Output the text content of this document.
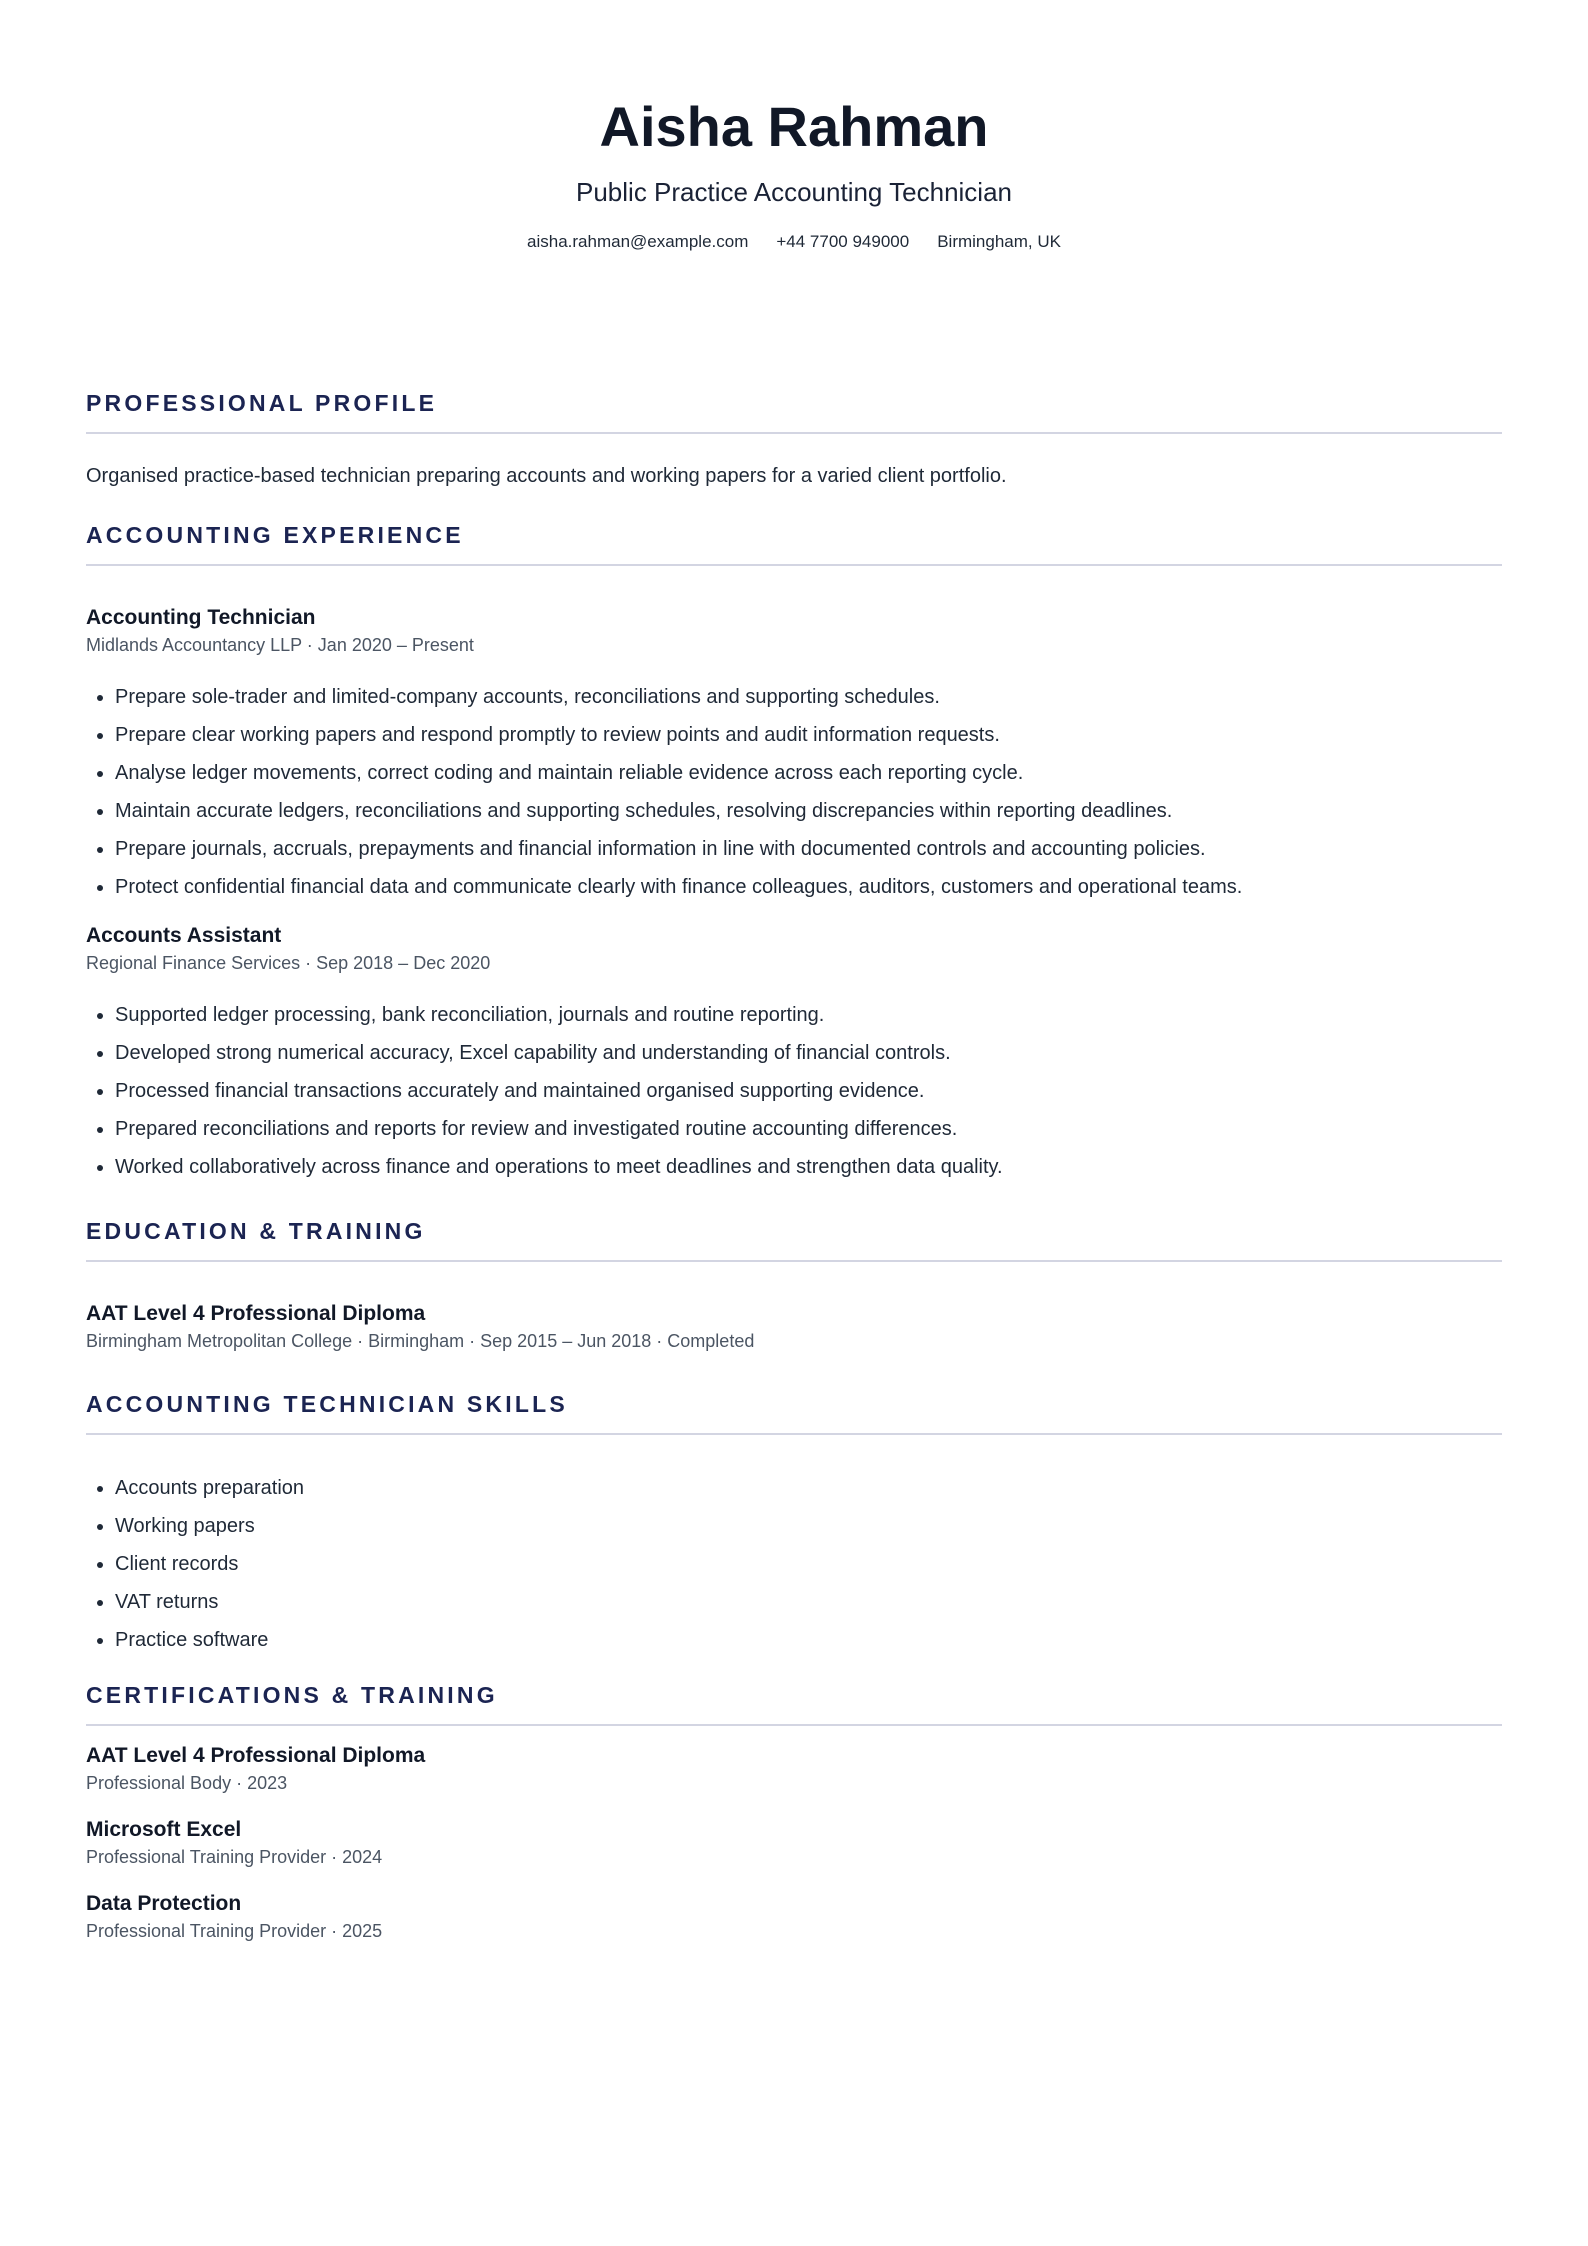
Aisha Rahman
Public Practice Accounting Technician
aisha.rahman@example.com +44 7700 949000 Birmingham, UK
PROFESSIONAL PROFILE
Organised practice-based technician preparing accounts and working papers for a varied client portfolio.
ACCOUNTING EXPERIENCE
Accounting Technician
Midlands Accountancy LLP · Jan 2020 – Present
• Prepare sole-trader and limited-company accounts, reconciliations and supporting schedules.
• Prepare clear working papers and respond promptly to review points and audit information requests.
• Analyse ledger movements, correct coding and maintain reliable evidence across each reporting cycle.
• Maintain accurate ledgers, reconciliations and supporting schedules, resolving discrepancies within reporting deadlines.
• Prepare journals, accruals, prepayments and financial information in line with documented controls and accounting policies.
• Protect confidential financial data and communicate clearly with finance colleagues, auditors, customers and operational teams.
Accounts Assistant
Regional Finance Services · Sep 2018 – Dec 2020
• Supported ledger processing, bank reconciliation, journals and routine reporting.
• Developed strong numerical accuracy, Excel capability and understanding of financial controls.
• Processed financial transactions accurately and maintained organised supporting evidence.
• Prepared reconciliations and reports for review and investigated routine accounting differences.
• Worked collaboratively across finance and operations to meet deadlines and strengthen data quality.
EDUCATION & TRAINING
AAT Level 4 Professional Diploma
Birmingham Metropolitan College · Birmingham · Sep 2015 – Jun 2018 · Completed
ACCOUNTING TECHNICIAN SKILLS
• Accounts preparation
• Working papers
• Client records
• VAT returns
• Practice software
CERTIFICATIONS & TRAINING
AAT Level 4 Professional Diploma
Professional Body · 2023
Microsoft Excel
Professional Training Provider · 2024
Data Protection
Professional Training Provider · 2025
